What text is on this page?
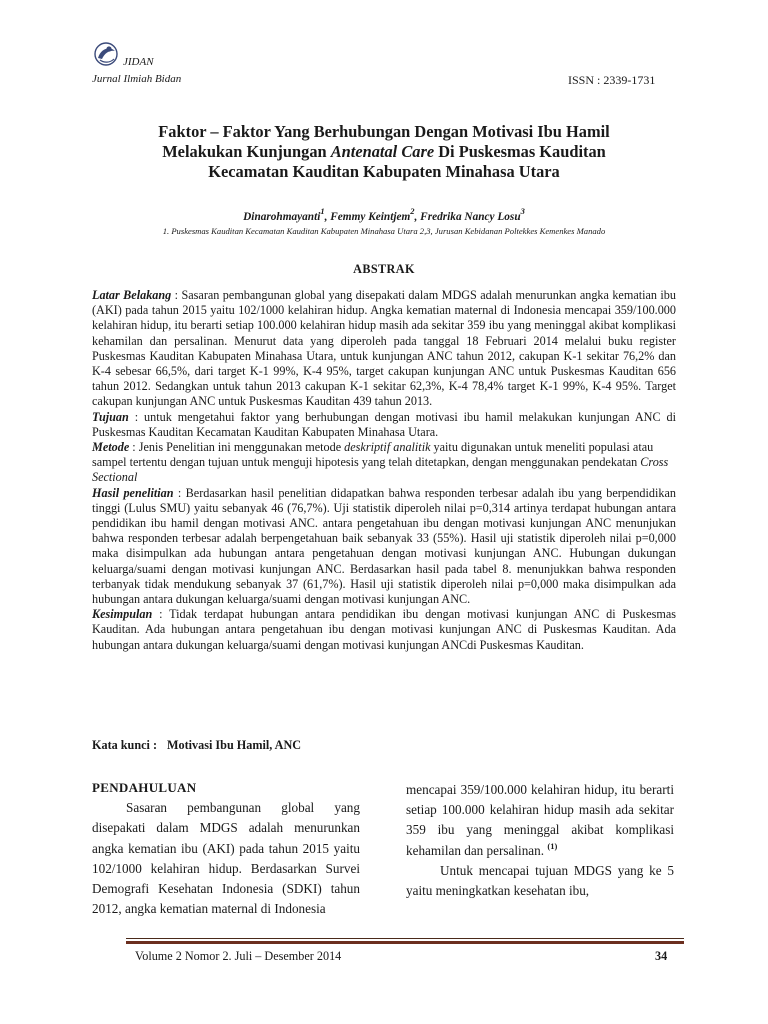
JIDAN
Jurnal Ilmiah Bidan	ISSN : 2339-1731
Faktor – Faktor Yang Berhubungan Dengan Motivasi Ibu Hamil
Melakukan Kunjungan Antenatal Care Di Puskesmas Kauditan
Kecamatan Kauditan Kabupaten Minahasa Utara
Dinarohmayanti$^1$, Femmy Keintjem$^2$, Fredrika Nancy Losu$^3$
1. Puskesmas Kauditan Kecamatan Kauditan Kabupaten Minahasa Utara 2,3, Jurusan Kebidanan Poltekkes Kemenkes Manado
ABSTRAK

Latar Belakang : Sasaran pembangunan global yang disepakati dalam MDGS adalah menurunkan angka kematian ibu (AKI) pada tahun 2015 yaitu 102/1000 kelahiran hidup. Angka kematian maternal di Indonesia mencapai 359/100.000 kelahiran hidup, itu berarti setiap 100.000 kelahiran hidup masih ada sekitar 359 ibu yang meninggal akibat komplikasi kehamilan dan persalinan. Menurut data yang diperoleh pada tanggal 18 Februari 2014 melalui buku register Puskesmas Kauditan Kabupaten Minahasa Utara, untuk kunjungan ANC tahun 2012, cakupan K-1 sekitar 76,2% dan K-4 sebesar 66,5%, dari target K-1 99%, K-4 95%, target cakupan kunjungan ANC untuk Puskesmas Kauditan 656 tahun 2012. Sedangkan untuk tahun 2013 cakupan K-1 sekitar 62,3%, K-4 78,4% target K-1 99%, K-4 95%. Target cakupan kunjungan ANC untuk Puskesmas Kauditan 439 tahun 2013.

Tujuan : untuk mengetahui faktor yang berhubungan dengan motivasi ibu hamil melakukan kunjungan ANC di Puskesmas Kauditan Kecamatan Kauditan Kabupaten Minahasa Utara.

Metode : Jenis Penelitian ini menggunakan metode deskriptif analitik yaitu digunakan untuk meneliti populasi atau sampel tertentu dengan tujuan untuk menguji hipotesis yang telah ditetapkan, dengan menggunakan pendekatan Cross Sectional

Hasil penelitian : Berdasarkan hasil penelitian didapatkan bahwa responden terbesar adalah ibu yang berpendidikan tinggi (Lulus SMU) yaitu sebanyak 46 (76,7%). Uji statistik diperoleh nilai p=0,314 artinya terdapat hubungan antara pendidikan ibu hamil dengan motivasi ANC. antara pengetahuan ibu dengan motivasi kunjungan ANC menunjukan bahwa responden terbesar adalah berpengetahuan baik sebanyak 33 (55%). Hasil uji statistik diperoleh nilai p=0,000 maka disimpulkan ada hubungan antara pengetahuan dengan motivasi kunjungan ANC. Hubungan dukungan keluarga/suami dengan motivasi kunjungan ANC. Berdasarkan hasil pada tabel 8. menunjukkan bahwa responden terbanyak tidak mendukung sebanyak 37 (61,7%). Hasil uji statistik diperoleh nilai p=0,000 maka disimpulkan ada hubungan antara dukungan keluarga/suami dengan motivasi kunjungan ANC.

Kesimpulan : Tidak terdapat hubungan antara pendidikan ibu dengan motivasi kunjungan ANC di Puskesmas Kauditan. Ada hubungan antara pengetahuan ibu dengan motivasi kunjungan ANC di Puskesmas Kauditan. Ada hubungan antara dukungan keluarga/suami dengan motivasi kunjungan ANCdi Puskesmas Kauditan.

Kata kunci : Motivasi Ibu Hamil, ANC
PENDAHULUAN

Sasaran pembangunan global yang disepakati dalam MDGS adalah menurunkan angka kematian ibu (AKI) pada tahun 2015 yaitu 102/1000 kelahiran hidup. Berdasarkan Survei Demografi Kesehatan Indonesia (SDKI) tahun 2012, angka kematian maternal di Indonesia

mencapai 359/100.000 kelahiran hidup, itu berarti setiap 100.000 kelahiran hidup masih ada sekitar 359 ibu yang meninggal akibat komplikasi kehamilan dan persalinan. $^{(1)}$

Untuk mencapai tujuan MDGS yang ke 5 yaitu meningkatkan kesehatan ibu,

Volume 2 Nomor 2. Juli – Desember 2014	34
